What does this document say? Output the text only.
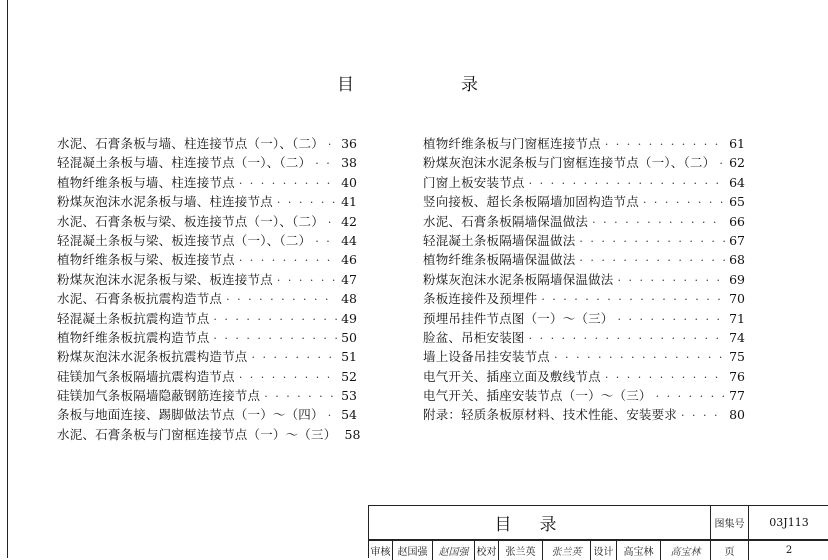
目	录
水泥、石膏条板与墙、柱连接节点（一）、（二） · · · 36
轻混凝土条板与墙、柱连接节点（一）、（二） · · · 38
植物纤维条板与墙、柱连接节点 · · ·	40
粉煤灰泡沫水泥条板与墙、柱连接节点 · · ·	41
水泥、石膏条板与梁、板连接节点（一）、（二） · · · 42
轻混凝土条板与梁、板连接节点（一）、（二） · · · 44
植物纤维条板与梁、板连接节点 · · ·	46
粉煤灰泡沫水泥条板与梁、板连接节点 · · ·	47
水泥、石膏条板抗震构造节点 · · ·	48
轻混凝土条板抗震构造节点 · · ·	49
植物纤维条板抗震构造节点 · · ·	50
粉煤灰泡沫水泥条板抗震构造节点 · · ·	51
硅镁加气条板隔墙抗震构造节点 · · ·	52
硅镁加气条板隔墙隐蔽钢筋连接节点 · · ·	53
条板与地面连接、踢脚做法节点（一）～（四） · · · 54
水泥、石膏条板与门窗框连接节点（一）～（三） 58
植物纤维条板与门窗框连接节点 · · ·	61
粉煤灰泡沫水泥条板与门窗框连接节点（一）、（二） · · · 62
门窗上板安装节点 · · ·	64
竖向接板、超长条板隔墙加固构造节点 · · ·	65
水泥、石膏条板隔墙保温做法 · · ·	66
轻混凝土条板隔墙保温做法 · · ·	67
植物纤维条板隔墙保温做法 · · ·	68
粉煤灰泡沫水泥条板隔墙保温做法 · · ·	69
条板连接件及预埋件 · · ·	70
预埋吊挂件节点图（一）～（三） · · ·	71
脸盆、吊柜安装图 · · ·	74
墙上设备吊挂安装节点 · · ·	75
电气开关、插座立面及敷线节点 · · ·	76
电气开关、插座安装节点（一）～（三） · · ·	77
附录：轻质条板原材料、技术性能、安装要求 · · ·	80
目录	图集号	03J113
审核 赵国强	赵国强 校对 张兰英	张兰英	设计	高宝林	高宝林	页	2
